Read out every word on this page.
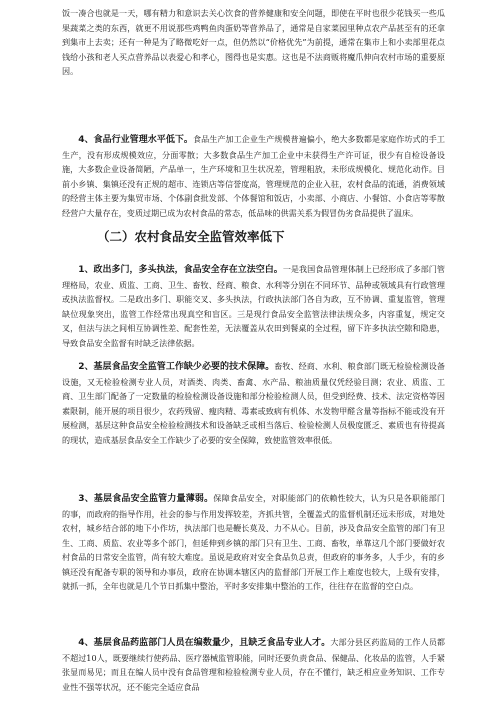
饭一凑合也就是一天，哪有精力和意识去关心饮食的营养健康和安全问题，即使在平时也很少花钱买一些瓜果蔬菜之类的东西，就更不用说那些鸡鸭鱼肉蛋奶等营养品了，通常是自家菜园里种点农产品甚至有的还拿到集市上去卖；还有一种是为了略微吃好一点，但仍然以“价格优先”为前提，通常在集市上和小卖部里花点钱给小孩和老人买点营养品以表爱心和孝心，图得也是实惠。这也是不法商贩将魔爪伸向农村市场的重要原因。

4、食品行业管理水平低下。食品生产加工企业生产规模普遍偏小，绝大多数都是家庭作坊式的手工生产，没有形成规模效应，分面零散；大多数食品生产加工企业中未获得生产许可证，很少有自检设备设施，大多数企业设备简陋，产品单一，生产环境和卫生状况差，管理粗放，未形成规模化、规范化动作。目前小乡镇、集镇还没有正规的超市、连锁店等信誉度高，管理规范的企业入驻，农村食品的流通，消费领域的经营主体主要为集贸市场、个体副食批发部、个体餐馆和饭店，小卖部、小商店、小餐馆、小食店等零散经营户大量存在，变质过期已成为农村食品的常态，低品味的供需关系为假冒伪劣食品提供了温床。

（二）农村食品安全监管效率低下

1、政出多门，多头执法，食品安全存在立法空白。一是我国食品管理体制上已经形成了多部门管理格局，农业、质监、工商、卫生、畜牧、经商、粮食、水利等分别在不同环节、品种或领域具有行政管理或执法监督权。二是政出多门、职能交叉、多头执法，行政执法部门各自为政，互不协调、重复监管，管理缺位现象突出，监管工作经常出现真空和盲区。三是现行食品安全监管法律法规众多，内容重复，规定交叉，但法与法之间相互协调性差、配套性差，无法覆盖从农田到餐桌的全过程，留下许多执法空隙和隐患，导致食品安全监督有时缺乏法律依据。

2、基层食品安全监管工作缺少必要的技术保障。畜牧、经商、水利、粮食部门既无检验检测设备设施，又无检验检测专业人员，对酒类、肉类、畜禽、水产品、粮油质量仅凭经验目测；农业、质监、工商、卫生部门配备了一定数量的检验检测设备设施和部分检验检测人员，但受到经费、技术、法定资格等因素限制，能开展的项目很少，农药残留、瘦肉精、毒素或致病有机体、水发物甲醛含量等指标不能或没有开展检测，基层这种食品安全检验检测技术和设备缺乏或相当落后、检验检测人员极度匮乏、素质也有待提高的现状，造成基层食品安全工作缺少了必要的安全保障，致使监管效率很低。

3、基层食品安全监管力量薄弱。保障食品安全，对职能部门的依赖性较大，认为只是各职能部门的事，而政府的指导作用，社会的参与作用发挥较差，齐抓共管，全覆盖式的监督机制还远未形成，对地处农村，城乡结合部的地下小作坊，执法部门也是鞭长莫及、力不从心。目前，涉及食品安全监管的部门有卫生、工商、质监、农业等多个部门，但延伸到乡镇的部门只有卫生、工商、畜牧，单靠这几个部门要做好农村食品的日常安全监管，尚有较大难度。虽说是政府对安全食品负总责，但政府的事务多，人手少，有的乡镇还没有配备专职的领导和办事员，政府在协调本辖区内的监督部门开展工作上难度也较大，上级有安排，就抓一抓，全年也就是几个节日抓集中整治，平时多安排集中整治的工作，往往存在监督的空白点。

4、基层食品药监部门人员在编数量少，且缺乏食品专业人才。大部分县区药监局的工作人员都不超过10人，既要继续行使药品、医疗器械监管职能，同时还要负责食品、保健品、化妆品的监管，人手紧张显而易见；而且在编人员中没有食品管理和检验检测专业人员，存在不懂行，缺乏相应业务知识、工作专业性不强等状况，还不能完全适应食品
